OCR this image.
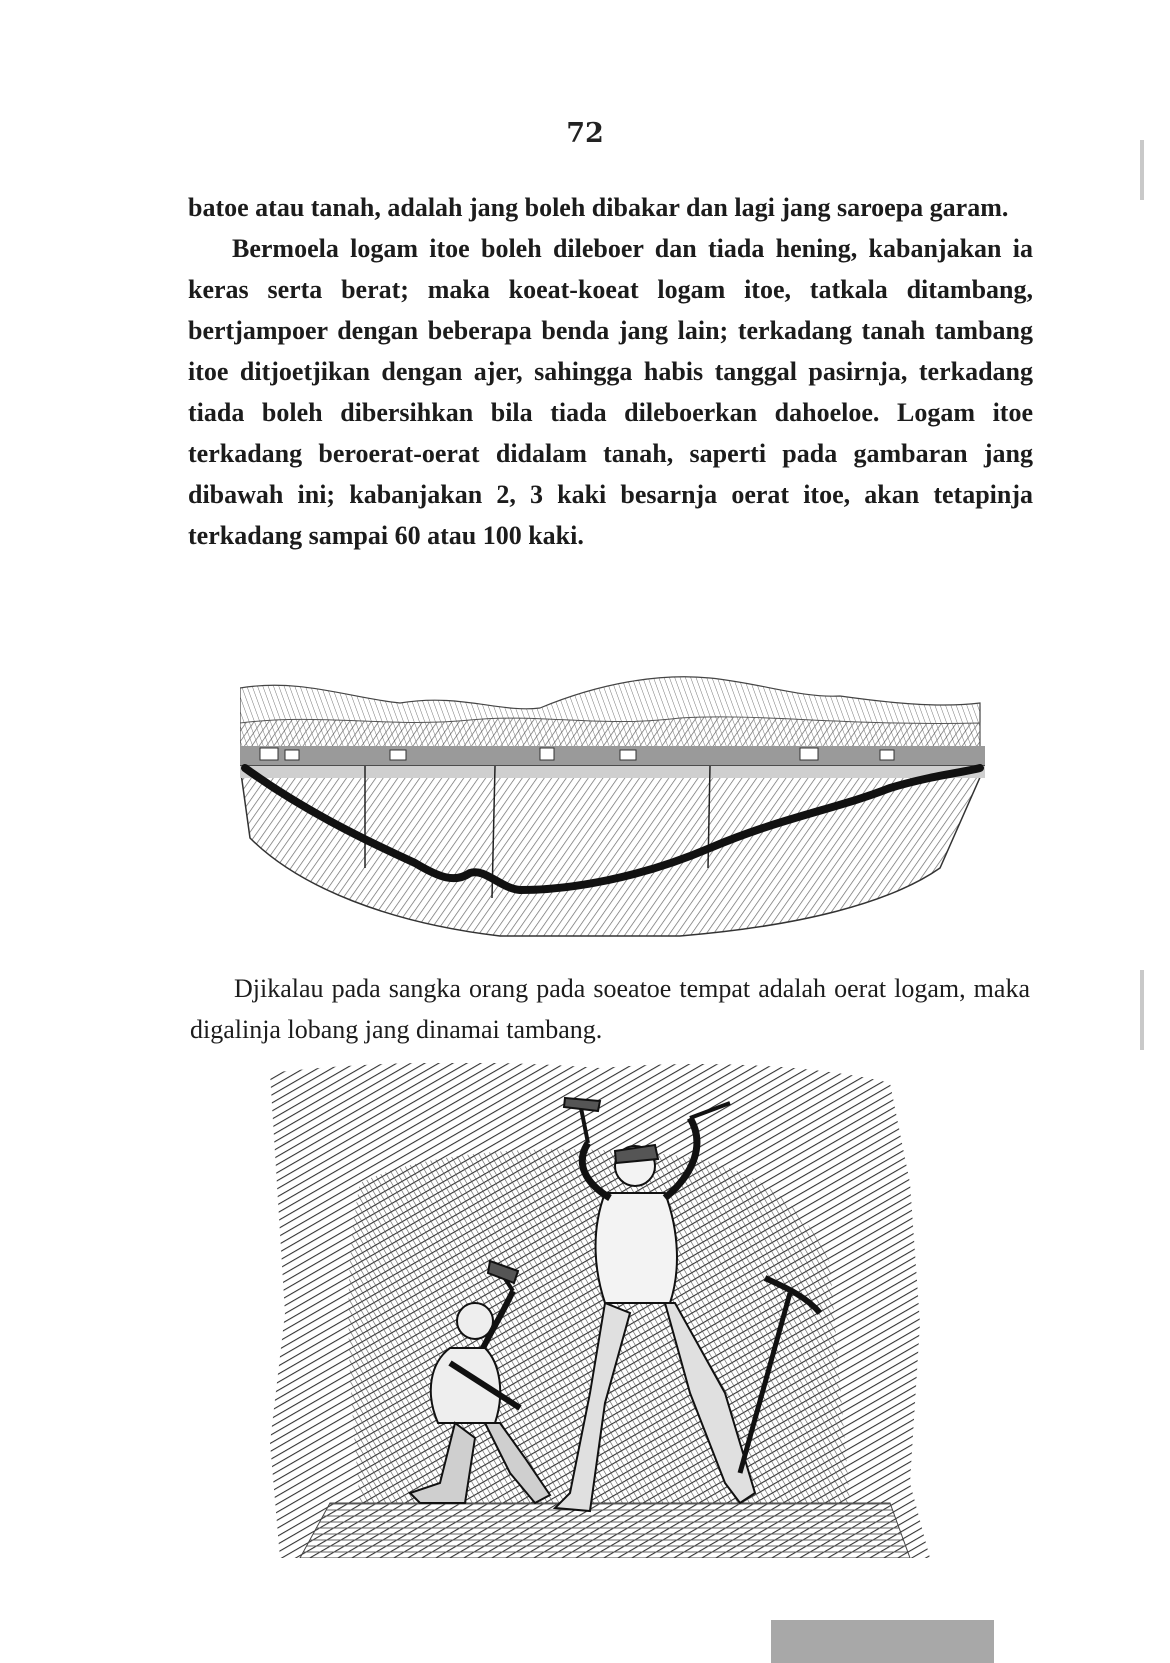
72

batoe atau tanah, adalah jang boleh dibakar dan lagi jang saroepa garam.

Bermoela logam itoe boleh dileboer dan tiada hening, kabanjakan ia keras serta berat; maka koeat-koeat logam itoe, tatkala ditambang, bertjampoer dengan beberapa benda jang lain; terkadang tanah tambang itoe ditjoetjikan dengan ajer, sahingga habis tanggal pasirnja, terkadang tiada boleh dibersihkan bila tiada dileboerkan dahoeloe. Logam itoe terkadang beroerat-oerat didalam tanah, saperti pada gambaran jang dibawah ini; kabanjakan 2, 3 kaki besarnja oerat itoe, akan tetapinja terkadang sampai 60 atau 100 kaki.

Djikalau pada sangka orang pada soeatoe tempat adalah oerat logam, maka digalinja lobang jang dinamai tambang.
